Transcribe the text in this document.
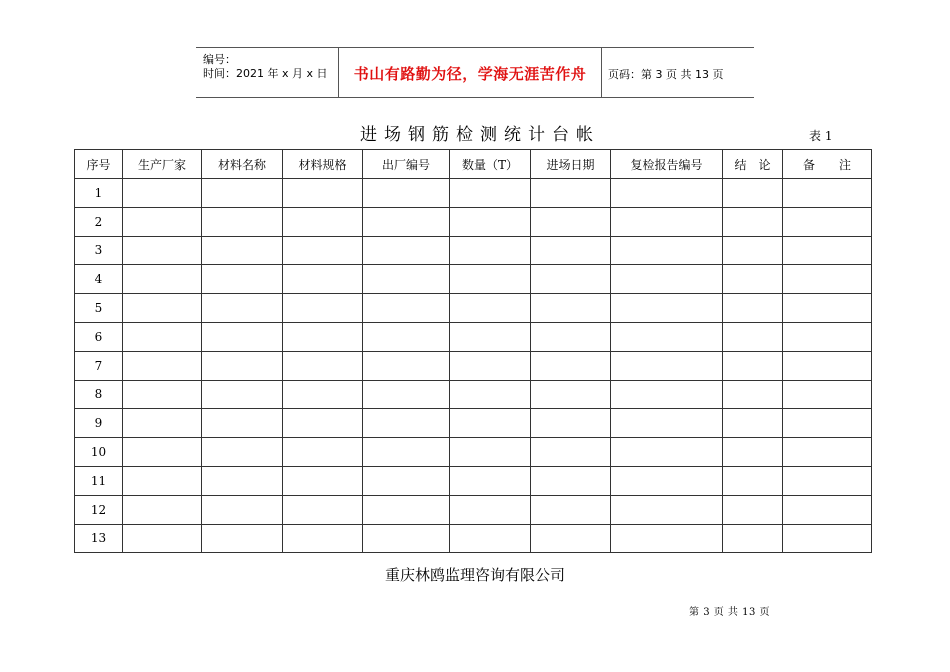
编号：
时间：2021 年 x 月 x 日	书山有路勤为径，学海无涯苦作舟	页码：第 3 页 共 13 页
进场钢筋检测统计台帐	表 1
序号	生产厂家	材料名称	材料规格	出厂编号	数量（T）	进场日期	复检报告编号	结　论	备　　注
1									
2									
3									
4									
5									
6									
7									
8									
9									
10									
11									
12									
13									
重庆林鸥监理咨询有限公司
第 3 页 共 13 页
